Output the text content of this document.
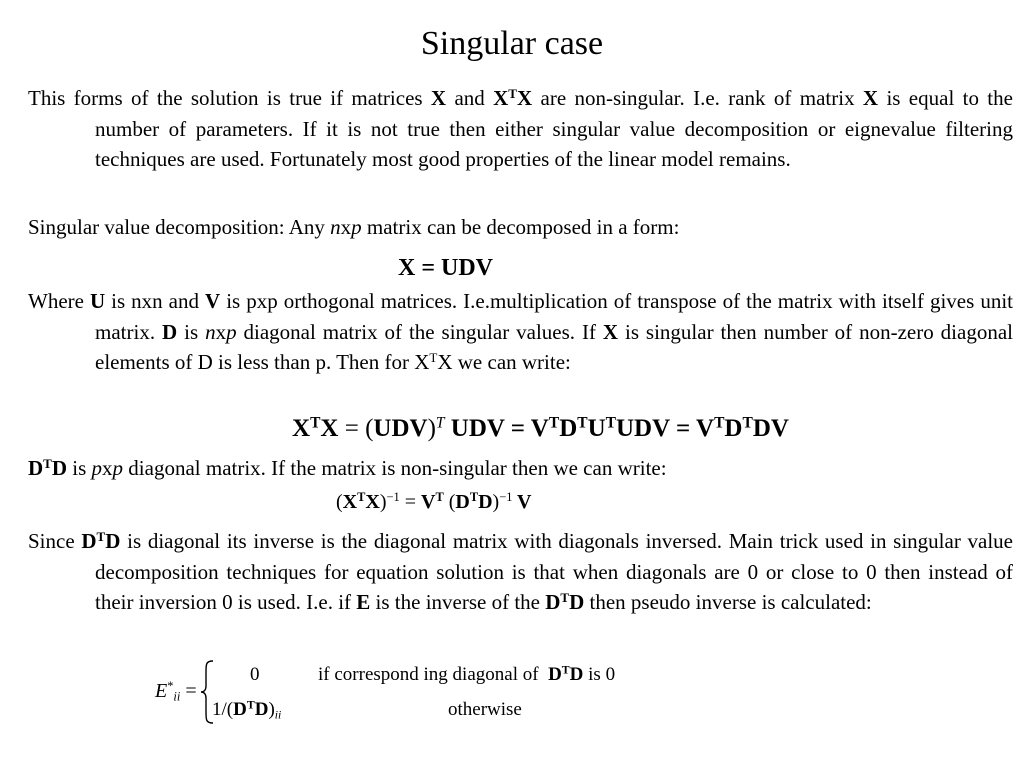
Singular case
This forms of the solution is true if matrices X and $X^TX$ are non-singular. I.e. rank of matrix X is equal to the number of parameters. If it is not true then either singular value decomposition or eignevalue filtering techniques are used. Fortunately most good properties of the linear model remains.
Singular value decomposition: Any nxp matrix can be decomposed in a form:
X = UDV
Where U is nxn and V is pxp orthogonal matrices. I.e.multiplication of transpose of the matrix with itself gives unit matrix. D is nxp diagonal matrix of the singular values. If X is singular then number of non-zero diagonal elements of D is less than p. Then for $X^TX$ we can write:
$X^TX = (UDV)^T$ UDV = $V^TD^TU^TUDV = V^TD^TDV$
$D^TD$ is pxp diagonal matrix. If the matrix is non-singular then we can write:
$(X^TX)^{-1} = V^T$ $(D^TD)^{-1}$ V
Since $D^TD$ is diagonal its inverse is the diagonal matrix with diagonals inversed. Main trick used in singular value decomposition techniques for equation solution is that when diagonals are 0 or close to 0 then instead of their inversion 0 is used. I.e. if E is the inverse of the $D^TD$ then pseudo inverse is calculated:
$E^*_{ii}$ =
0	if correspond ing diagonal of $D^TD$ is 0
$1/(D^TD)_{ii}$	otherwise
